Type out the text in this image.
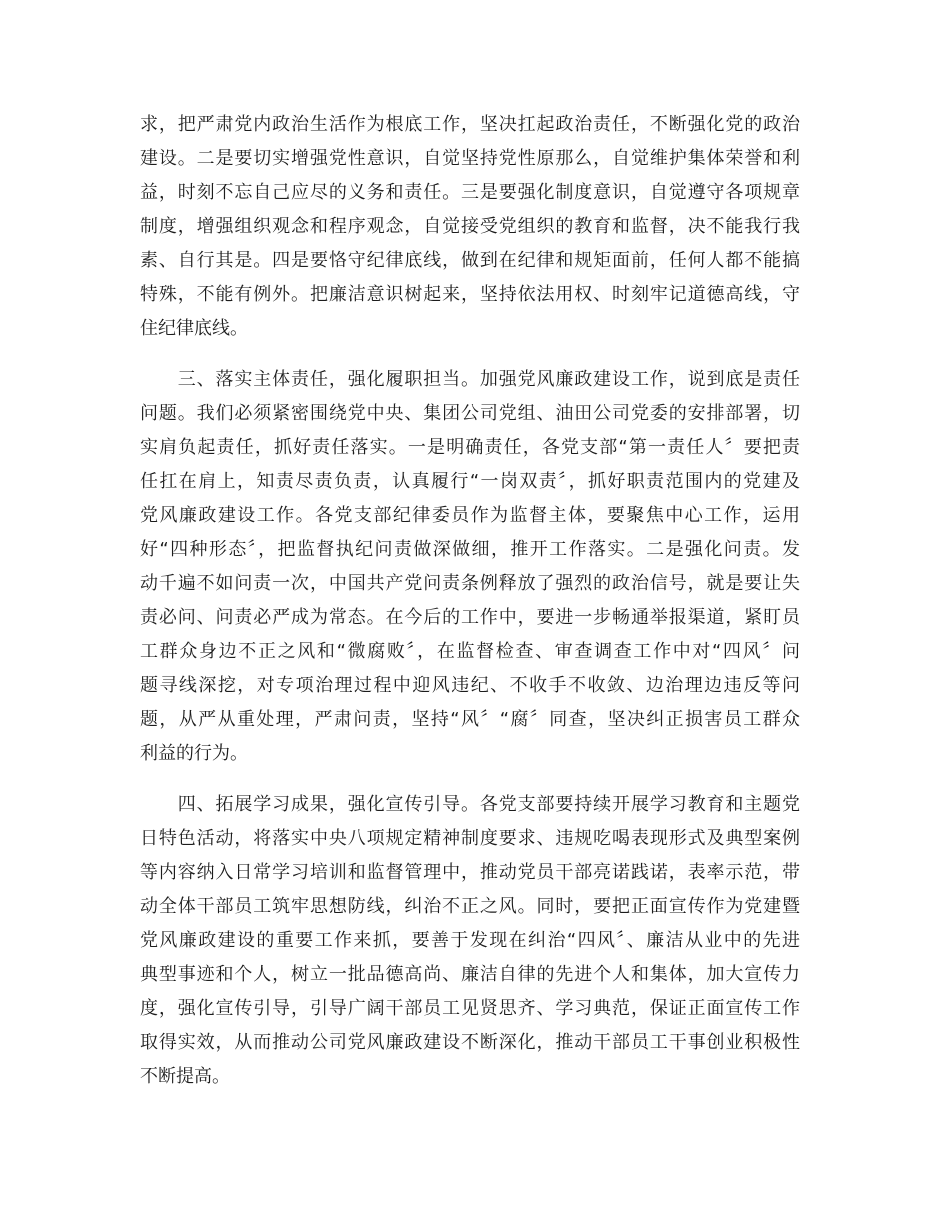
求，把严肃党内政治生活作为根底工作，坚决扛起政治责任，不断强化党的政治
建设。二是要切实增强党性意识，自觉坚持党性原那么，自觉维护集体荣誉和利
益，时刻不忘自己应尽的义务和责任。三是要强化制度意识，自觉遵守各项规章
制度，增强组织观念和程序观念，自觉接受党组织的教育和监督，决不能我行我
素、自行其是。四是要恪守纪律底线，做到在纪律和规矩面前，任何人都不能搞
特殊，不能有例外。把廉洁意识树起来，坚持依法用权、时刻牢记道德高线，守
住纪律底线。
　　三、落实主体责任，强化履职担当。加强党风廉政建设工作，说到底是责任
问题。我们必须紧密围绕党中央、集团公司党组、油田公司党委的安排部署，切
实肩负起责任，抓好责任落实。一是明确责任，各党支部“第一责任人〞要把责
任扛在肩上，知责尽责负责，认真履行“一岗双责〞，抓好职责范围内的党建及
党风廉政建设工作。各党支部纪律委员作为监督主体，要聚焦中心工作，运用
好“四种形态〞，把监督执纪问责做深做细，推开工作落实。二是强化问责。发
动千遍不如问责一次，中国共产党问责条例释放了强烈的政治信号，就是要让失
责必问、问责必严成为常态。在今后的工作中，要进一步畅通举报渠道，紧盯员
工群众身边不正之风和“微腐败〞，在监督检查、审查调查工作中对“四风〞问
题寻线深挖，对专项治理过程中迎风违纪、不收手不收敛、边治理边违反等问
题，从严从重处理，严肃问责，坚持“风〞“腐〞同查，坚决纠正损害员工群众
利益的行为。
　　四、拓展学习成果，强化宣传引导。各党支部要持续开展学习教育和主题党
日特色活动，将落实中央八项规定精神制度要求、违规吃喝表现形式及典型案例
等内容纳入日常学习培训和监督管理中，推动党员干部亮诺践诺，表率示范，带
动全体干部员工筑牢思想防线，纠治不正之风。同时，要把正面宣传作为党建暨
党风廉政建设的重要工作来抓，要善于发现在纠治“四风〞、廉洁从业中的先进
典型事迹和个人，树立一批品德高尚、廉洁自律的先进个人和集体，加大宣传力
度，强化宣传引导，引导广阔干部员工见贤思齐、学习典范，保证正面宣传工作
取得实效，从而推动公司党风廉政建设不断深化，推动干部员工干事创业积极性
不断提高。
